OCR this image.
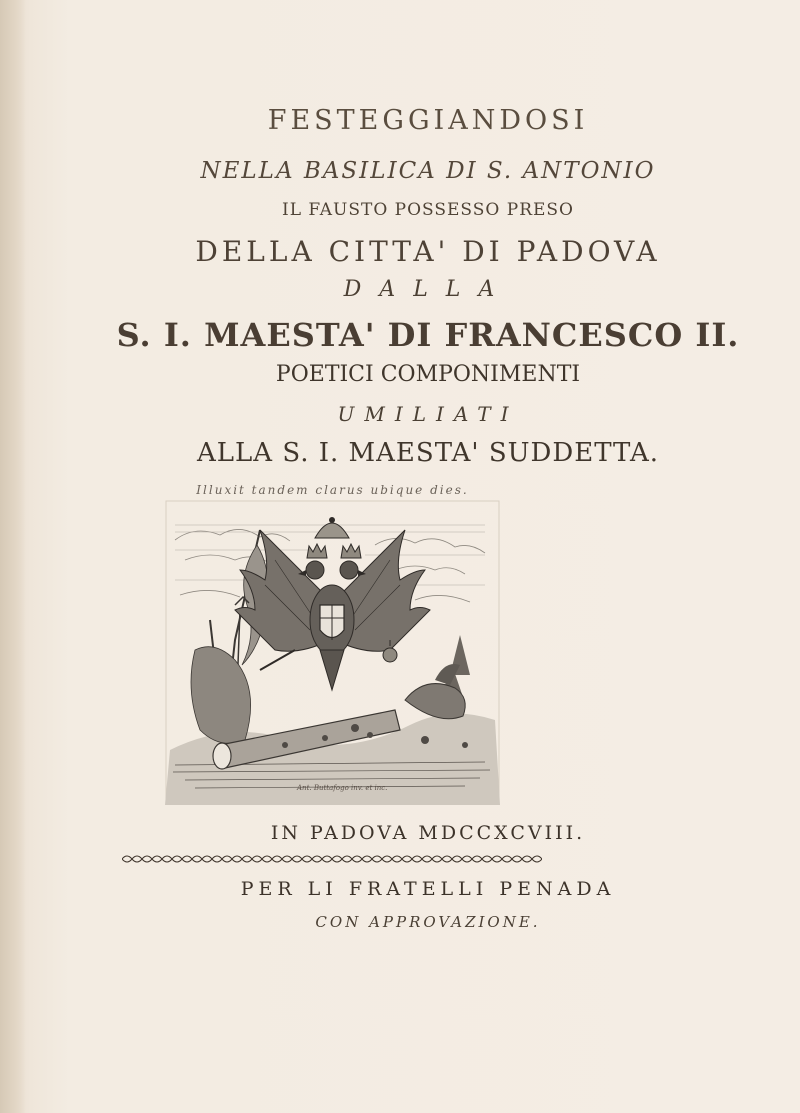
FESTEGGIANDOSI
NELLA BASILICA DI S. ANTONIO
IL FAUSTO POSSESSO PRESO
DELLA CITTA' DI PADOVA
DALLA
S. I. MAESTA' DI FRANCESCO II.
POETICI COMPONIMENTI
UMILIATI
ALLA S. I. MAESTA' SUDDETTA.
Illuxit tandem clarus ubique dies.
Ant. Buttafogo inv. et inc.
IN PADOVA MDCCXCVIII.
PER LI FRATELLI PENADA
CON APPROVAZIONE.
